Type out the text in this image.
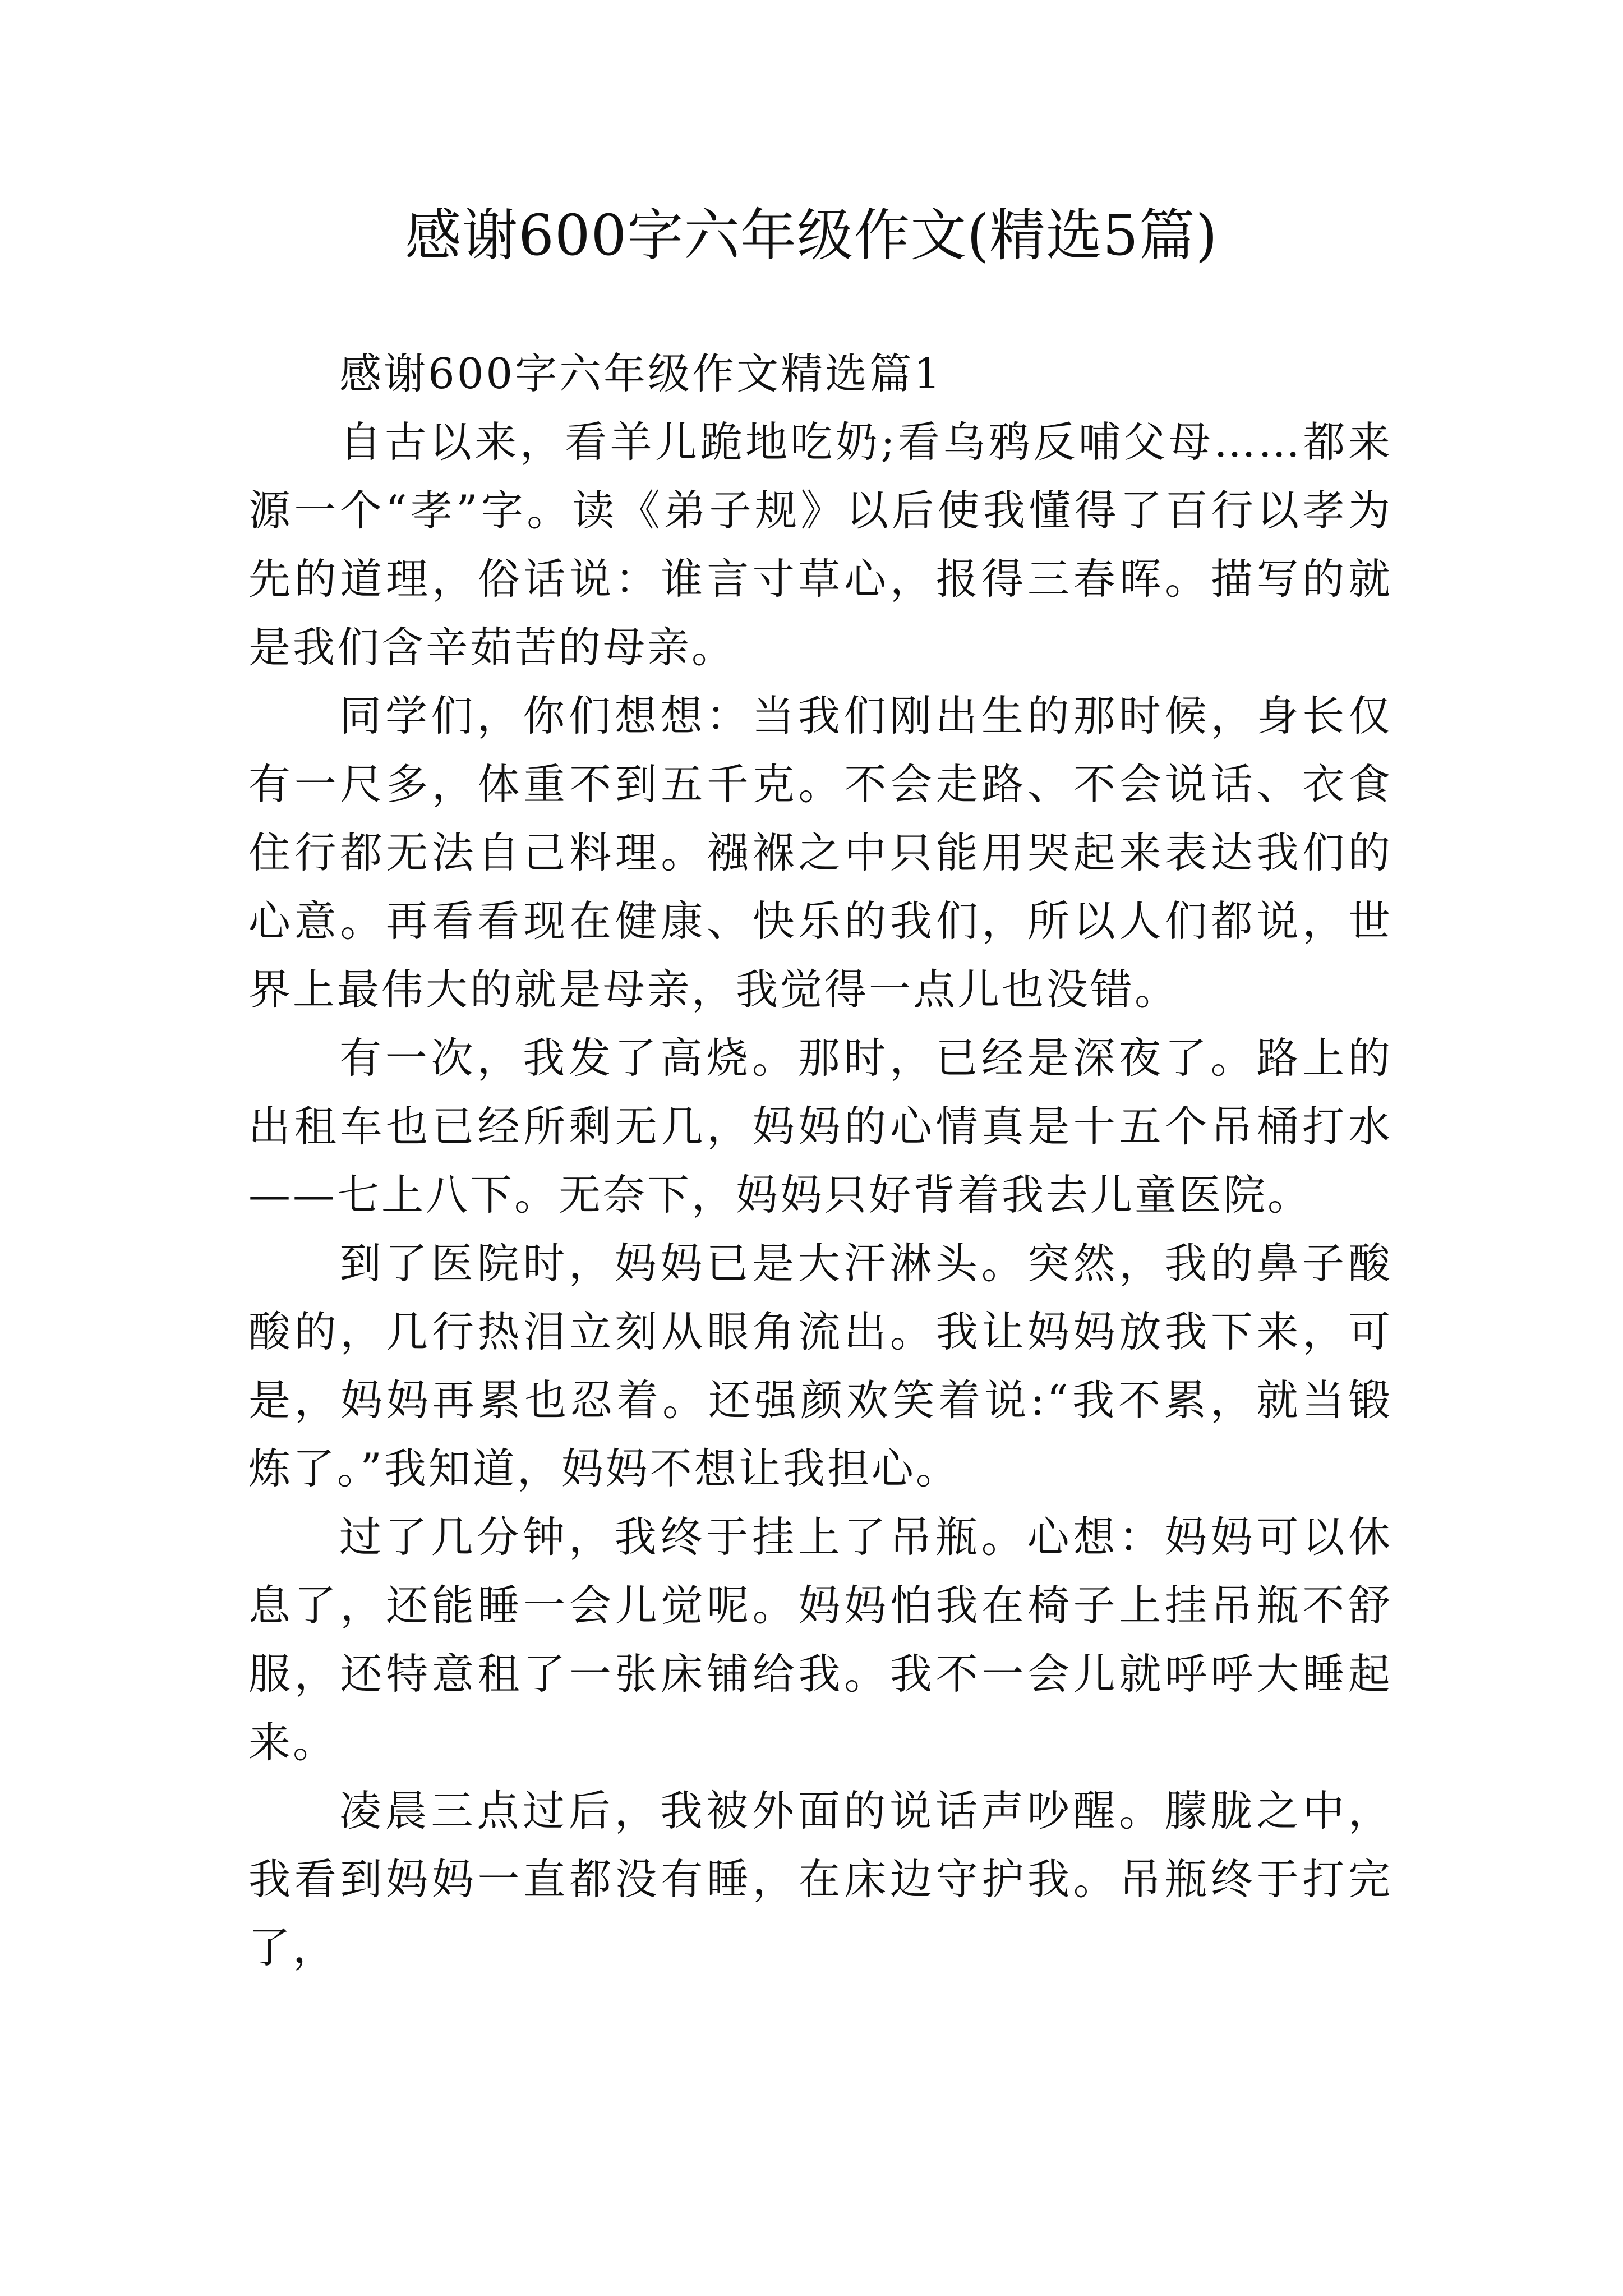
感谢600字六年级作文(精选5篇)
感谢600字六年级作文精选篇1

自古以来，看羊儿跪地吃奶;看乌鸦反哺父母……都来源一个“孝”字。读《弟子规》以后使我懂得了百行以孝为先的道理，俗话说：谁言寸草心，报得三春晖。描写的就是我们含辛茹苦的母亲。

同学们，你们想想：当我们刚出生的那时候，身长仅有一尺多，体重不到五千克。不会走路、不会说话、衣食住行都无法自己料理。襁褓之中只能用哭起来表达我们的心意。再看看现在健康、快乐的我们，所以人们都说，世界上最伟大的就是母亲，我觉得一点儿也没错。

有一次，我发了高烧。那时，已经是深夜了。路上的出租车也已经所剩无几，妈妈的心情真是十五个吊桶打水——七上八下。无奈下，妈妈只好背着我去儿童医院。

到了医院时，妈妈已是大汗淋头。突然，我的鼻子酸酸的，几行热泪立刻从眼角流出。我让妈妈放我下来，可是，妈妈再累也忍着。还强颜欢笑着说:“我不累，就当锻炼了。”我知道，妈妈不想让我担心。

过了几分钟，我终于挂上了吊瓶。心想：妈妈可以休息了，还能睡一会儿觉呢。妈妈怕我在椅子上挂吊瓶不舒服，还特意租了一张床铺给我。我不一会儿就呼呼大睡起来。

凌晨三点过后，我被外面的说话声吵醒。朦胧之中，我看到妈妈一直都没有睡，在床边守护我。吊瓶终于打完了，
